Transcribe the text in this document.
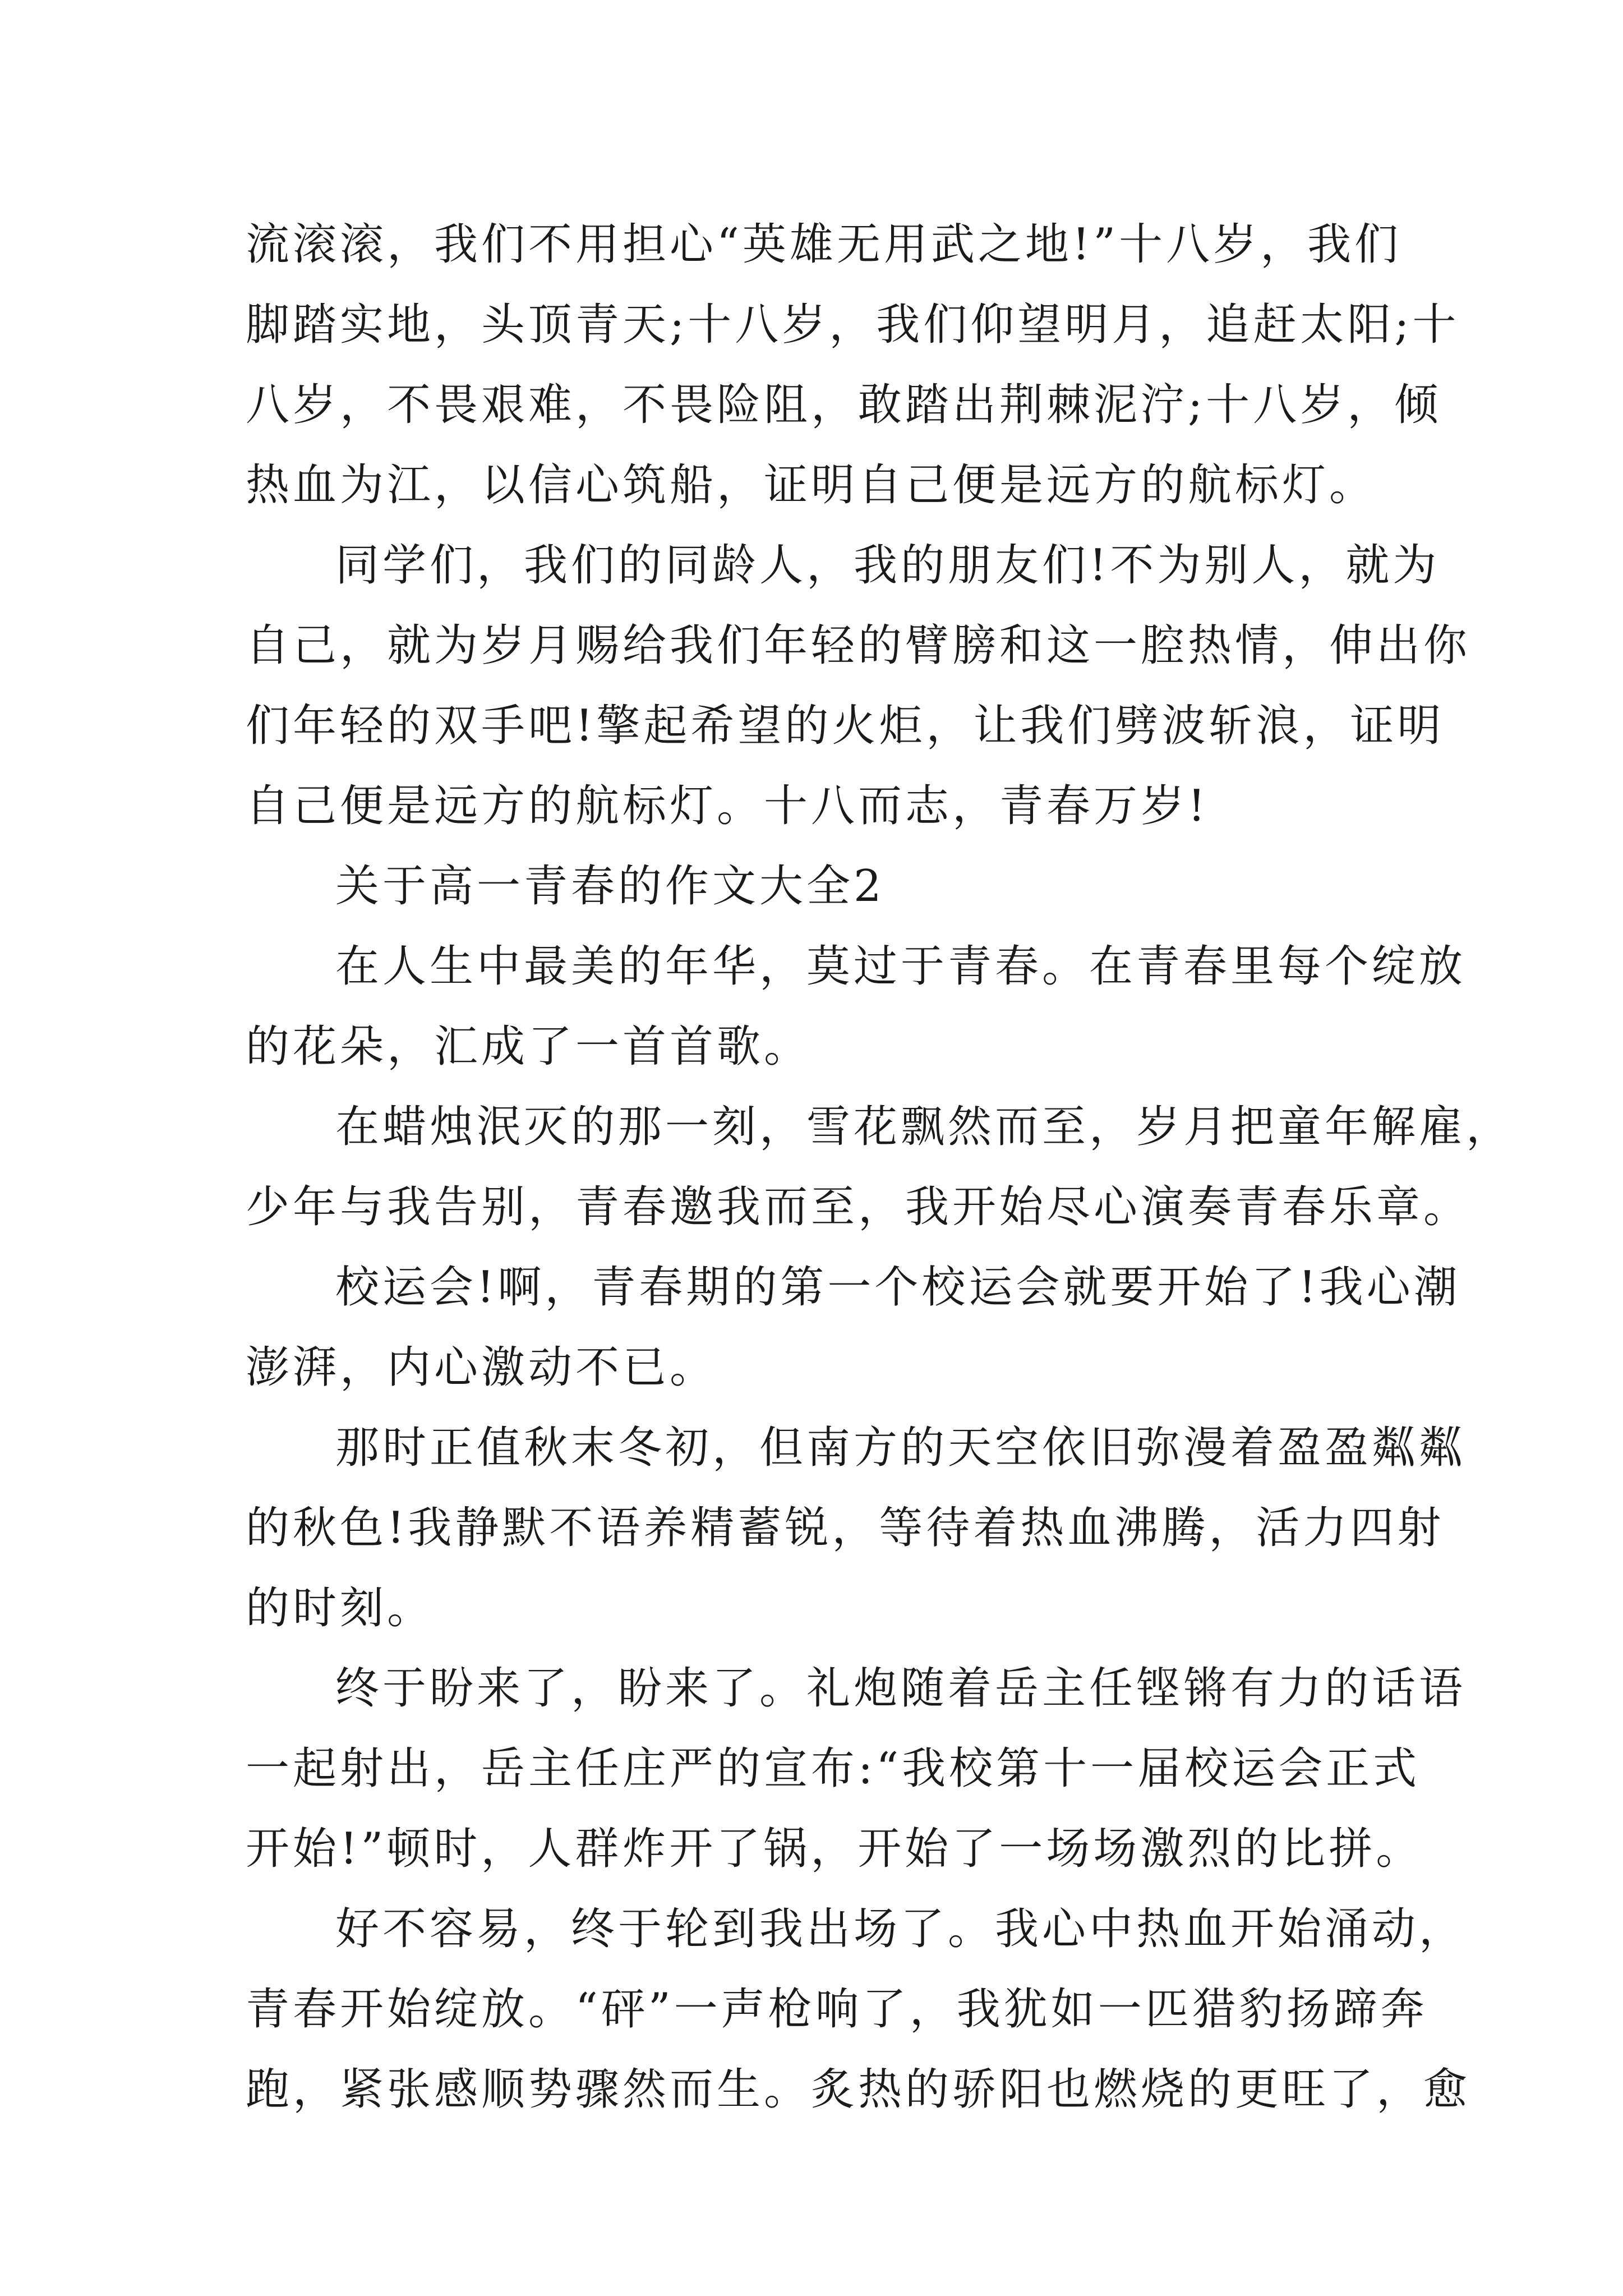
流滚滚，我们不用担心“英雄无用武之地!”十八岁，我们
脚踏实地，头顶青天;十八岁，我们仰望明月，追赶太阳;十
八岁，不畏艰难，不畏险阻，敢踏出荆棘泥泞;十八岁，倾
热血为江，以信心筑船，证明自己便是远方的航标灯。
同学们，我们的同龄人，我的朋友们!不为别人，就为
自己，就为岁月赐给我们年轻的臂膀和这一腔热情，伸出你
们年轻的双手吧!擎起希望的火炬，让我们劈波斩浪，证明
自己便是远方的航标灯。十八而志，青春万岁!
关于高一青春的作文大全2
在人生中最美的年华，莫过于青春。在青春里每个绽放
的花朵，汇成了一首首歌。
在蜡烛泯灭的那一刻，雪花飘然而至，岁月把童年解雇，
少年与我告别，青春邀我而至，我开始尽心演奏青春乐章。
校运会!啊，青春期的第一个校运会就要开始了!我心潮
澎湃，内心激动不已。
那时正值秋末冬初，但南方的天空依旧弥漫着盈盈粼粼
的秋色!我静默不语养精蓄锐，等待着热血沸腾，活力四射
的时刻。
终于盼来了，盼来了。礼炮随着岳主任铿锵有力的话语
一起射出，岳主任庄严的宣布:“我校第十一届校运会正式
开始!”顿时，人群炸开了锅，开始了一场场激烈的比拼。
好不容易，终于轮到我出场了。我心中热血开始涌动，
青春开始绽放。“砰”一声枪响了，我犹如一匹猎豹扬蹄奔
跑，紧张感顺势骤然而生。炙热的骄阳也燃烧的更旺了，愈
